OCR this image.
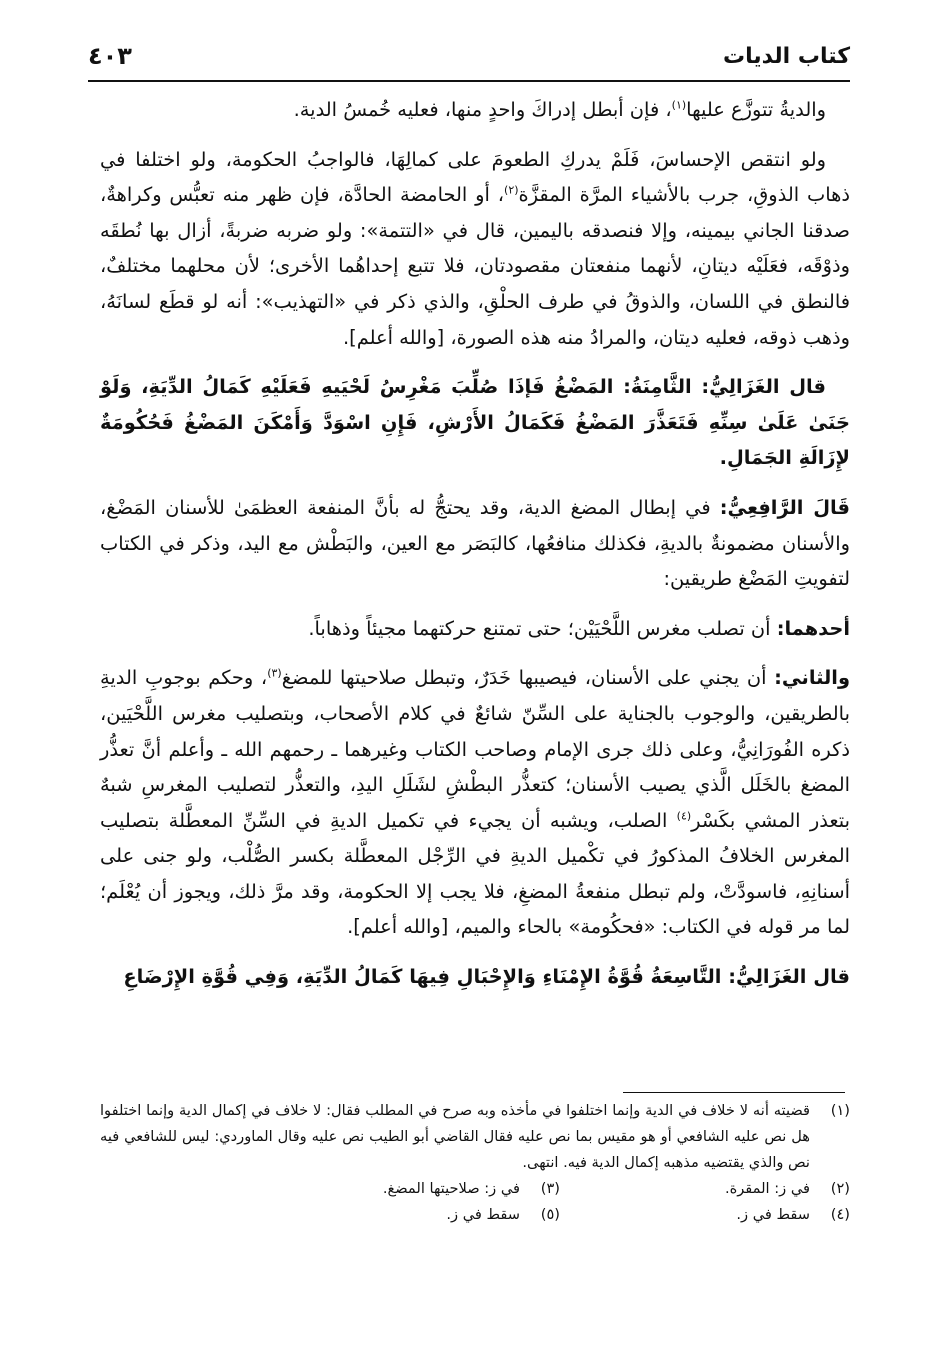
كتاب الديات
٤٠٣

والديةُ تتوزَّع عليها$^{(١)}$، فإن أبطل إدراكَ واحدٍ منها، فعليه خُمسُ الدية.

ولو انتقص الإحساسَ، فَلَمْ يدركِ الطعومَ على كمالِهَا، فالواجبُ الحكومة، ولو اختلفا في ذهاب الذوقِ، جرب بالأشياء المرَّة المقزَّة$^{(٢)}$، أو الحامضة الحادَّة، فإن ظهر منه تعبُّس وكراهةٌ، صدقنا الجاني بيمينه، وإلا فنصدقه باليمين، قال في «التتمة»: ولو ضربه ضربةً، أزال بها نُطقَه وذوْقَه، فعَلَيْه ديتانِ، لأنهما منفعتان مقصودتان، فلا تتبع إحداهُما الأخرى؛ لأن محلهما مختلفٌ، فالنطق في اللسان، والذوقُ في طرف الحلْقِ، والذي ذكر في «التهذيب»: أنه لو قطَع لسانَهُ، وذهب ذوقه، فعليه ديتان، والمرادُ منه هذه الصورة، [والله أعلم].

قال الغَزَالِيُّ: الثَّامِنَةُ: المَضْغُ فَإذَا صُلِّبَ مَغْرِسُ لَحْيَيهِ فَعَلَيْهِ كَمَالُ الدِّيَةِ، وَلَوْ جَنَىٰ عَلَىٰ سِنِّهِ فَتَعَذَّرَ المَضْغُ فَكَمَالُ الأَرْشِ، فَإِنِ اسْوَدَّ وَأَمْكَنَ المَضْغُ فَحُكُومَةٌ لإِزَالَةِ الجَمَالِ.

قَالَ الرَّافِعِيُّ: في إبطال المضغ الدية، وقد يحتجُّ له بأنَّ المنفعة العظمَىٰ للأسنان المَضْغ، والأسنان مضمونةٌ بالديةِ، فكذلك منافعُها، كالبَصَر مع العين، والبَطْش مع اليد، وذكر في الكتاب لتفويتِ المَضْغ طريقين:

أحدهما: أن تصلب مغرس اللَّحْيَيْن؛ حتى تمتنع حركتهما مجيئاً وذهاباً.

والثاني: أن يجني على الأسنان، فيصيبها خَدَرٌ، وتبطل صلاحيتها للمضغ$^{(٣)}$، وحكم بوجوبِ الديةِ بالطريقين، والوجوب بالجناية على السِّنّ شائعٌ في كلام الأصحاب، وبتصليب مغرس اللَّحْيَين، ذكره الفُورَانِيُّ، وعلى ذلك جرى الإمام وصاحب الكتاب وغيرهما ـ رحمهم الله ـ وأعلم أنَّ تعذُّر المضغ بالخَلَل الَّذي يصيب الأسنان؛ كتعذُّر البطْشِ لشَلَلِ اليدِ، والتعذُّر لتصليب المغرسِ شبهٌ بتعذر المشي بكَسْر$^{(٤)}$ الصلب، ويشبه أن يجيء في تكميل الديةِ في السِّنِّ المعطَّلة بتصليب المغرس الخلافُ المذكورُ في تكْميل الديةِ في الرِّجْل المعطَّلة بكسر الصُّلْب، ولو جنى على أسنانِهِ، فاسودَّتْ، ولم تبطل منفعةُ المضغِ، فلا يجب إلا الحكومة، وقد مرَّ ذلك، ويجوز أن يُعْلَم؛ لما مر قوله في الكتاب: «فحكُومة» بالحاء والميم، [والله أعلم].

قال الغَزَالِيُّ: التَّاسِعَةُ قُوَّةُ الإِمْنَاءِ وَالإِحْبَالِ فِيهَا كَمَالُ الدِّيَةِ، وَفِي قُوَّةِ الإِرْضَاعِ

(١)
قضيته أنه لا خلاف في الدية وإنما اختلفوا في مأخذه وبه صرح في المطلب فقال: لا خلاف في إكمال الدية وإنما اختلفوا هل نص عليه الشافعي أو هو مقيس بما نص عليه فقال القاضي أبو الطيب نص عليه وقال الماوردي: ليس للشافعي فيه نص والذي يقتضيه مذهبه إكمال الدية فيه. انتهى.
(٢)
في ز: المقرة.
(٣)
في ز: صلاحيتها المضغ.
(٤)
سقط في ز.
(٥)
سقط في ز.
